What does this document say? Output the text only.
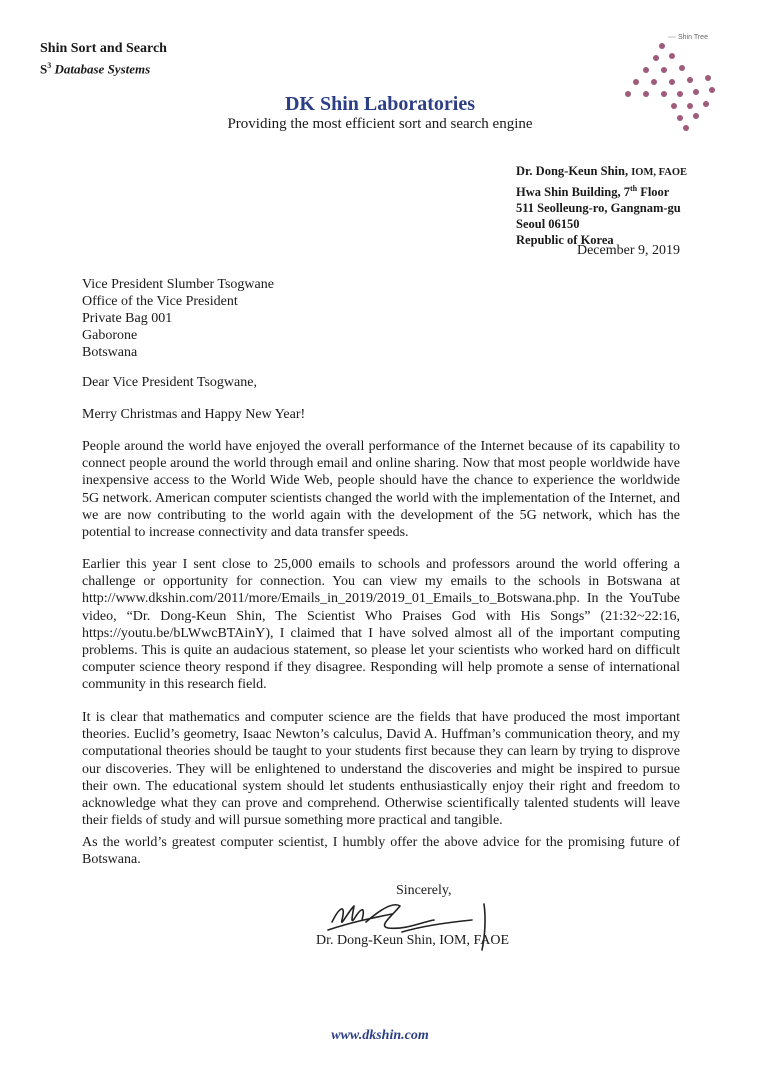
Shin Sort and Search
$S^3$ Database Systems
DK Shin Laboratories
Providing the most efficient sort and search engine
Shin Tree
Dr. Dong-Keun Shin, IOM, FAOE
Hwa Shin Building, 7th Floor
511 Seolleung-ro, Gangnam-gu
Seoul 06150
Republic of Korea
December 9, 2019
Vice President Slumber Tsogwane
Office of the Vice President
Private Bag 001
Gaborone
Botswana
Dear Vice President Tsogwane,
Merry Christmas and Happy New Year!
People around the world have enjoyed the overall performance of the Internet because of its capability to connect people around the world through email and online sharing. Now that most people worldwide have inexpensive access to the World Wide Web, people should have the chance to experience the worldwide 5G network. American computer scientists changed the world with the implementation of the Internet, and we are now contributing to the world again with the development of the 5G network, which has the potential to increase connectivity and data transfer speeds.
Earlier this year I sent close to 25,000 emails to schools and professors around the world offering a challenge or opportunity for connection. You can view my emails to the schools in Botswana at http://www.dkshin.com/2011/more/Emails_in_2019/2019_01_Emails_to_Botswana.php. In the YouTube video, “Dr. Dong-Keun Shin, The Scientist Who Praises God with His Songs” (21:32~22:16, https://youtu.be/bLWwcBTAinY), I claimed that I have solved almost all of the important computing problems. This is quite an audacious statement, so please let your scientists who worked hard on difficult computer science theory respond if they disagree. Responding will help promote a sense of international community in this research field.
It is clear that mathematics and computer science are the fields that have produced the most important theories. Euclid’s geometry, Isaac Newton’s calculus, David A. Huffman’s communication theory, and my computational theories should be taught to your students first because they can learn by trying to disprove our discoveries. They will be enlightened to understand the discoveries and might be inspired to pursue their own. The educational system should let students enthusiastically enjoy their right and freedom to acknowledge what they can prove and comprehend. Otherwise scientifically talented students will leave their fields of study and will pursue something more practical and tangible.
As the world’s greatest computer scientist, I humbly offer the above advice for the promising future of Botswana.
Sincerely,
Dr. Dong-Keun Shin, IOM, FAOE
www.dkshin.com
